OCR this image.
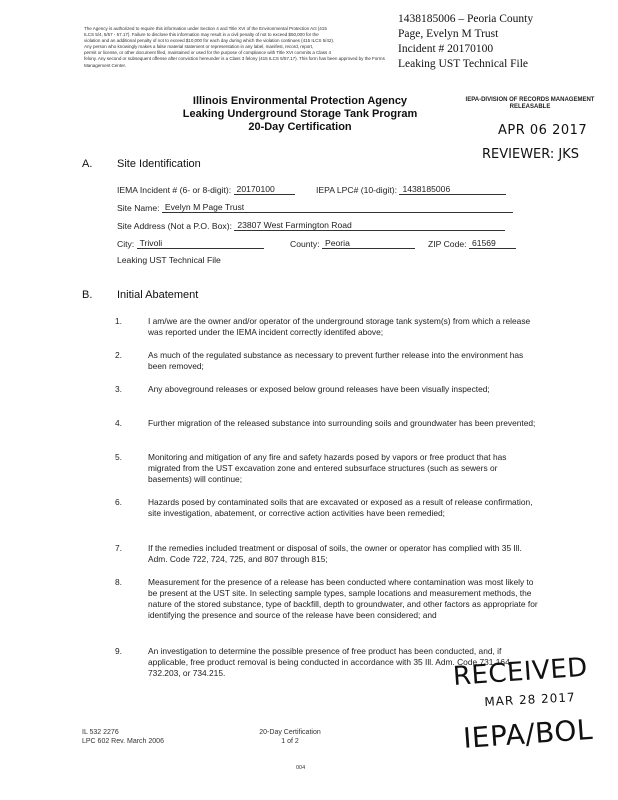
The Agency is authorized to require this information under Section 4 and Title XVI of the Environmental Protection Act (415
ILCS 5/4, 5/57 - 57.17). Failure to disclose this information may result in a civil penalty of not to exceed $50,000 for the
violation and an additional penalty of not to exceed $10,000 for each day during which the violation continues (415 ILCS 5/42).
Any person who knowingly makes a false material statement or representation in any label, manifest, record, report,
permit or license, or other document filed, maintained or used for the purpose of compliance with Title XVI commits a Class 4
felony. Any second or subsequent offense after conviction hereunder is a Class 3 felony (415 ILCS 5/57.17). This form has been approved by the Forms Management Center.
1438185006 – Peoria County
Page, Evelyn M Trust
Incident # 20170100
Leaking UST Technical File
Illinois Environmental Protection Agency
Leaking Underground Storage Tank Program
20-Day Certification
IEPA-DIVISION OF RECORDS MANAGEMENT
RELEASABLE
APR 06 2017
REVIEWER: JKS
A. Site Identification
IEMA Incident # (6- or 8-digit): 20170100	IEPA LPC# (10-digit): 1438185006
Site Name: Evelyn M Page Trust
Site Address (Not a P.O. Box): 23807 West Farmington Road
City: Trivoli	County: Peoria	ZIP Code: 61569
Leaking UST Technical File
B. Initial Abatement
1.	I am/we are the owner and/or operator of the underground storage tank system(s) from which a release was reported under the IEMA incident correctly identifed above;
2.	As much of the regulated substance as necessary to prevent further release into the environment has been removed;
3.	Any aboveground releases or exposed below ground releases have been visually inspected;
4.	Further migration of the released substance into surrounding soils and groundwater has been prevented;
5.	Monitoring and mitigation of any fire and safety hazards posed by vapors or free product that has migrated from the UST excavation zone and entered subsurface structures (such as sewers or basements) will continue;
6.	Hazards posed by contaminated soils that are excavated or exposed as a result of release confirmation, site investigation, abatement, or corrective action activities have been remedied;
7.	If the remedies included treatment or disposal of soils, the owner or operator has complied with 35 Ill. Adm. Code 722, 724, 725, and 807 through 815;
8.	Measurement for the presence of a release has been conducted where contamination was most likely to be present at the UST site. In selecting sample types, sample locations and measurement methods, the nature of the stored substance, type of backfill, depth to groundwater, and other factors as appropriate for identifying the presence and source of the release have been considered; and
9.	An investigation to determine the possible presence of free product has been conducted, and, if applicable, free product removal is being conducted in accordance with 35 Ill. Adm. Code 731.164, 732.203, or 734.215.	RECEIVED
MAR 28 2017
IEPA/BOL
IL 532 2276
LPC 602 Rev. March 2006
20-Day Certification
1 of 2
004
